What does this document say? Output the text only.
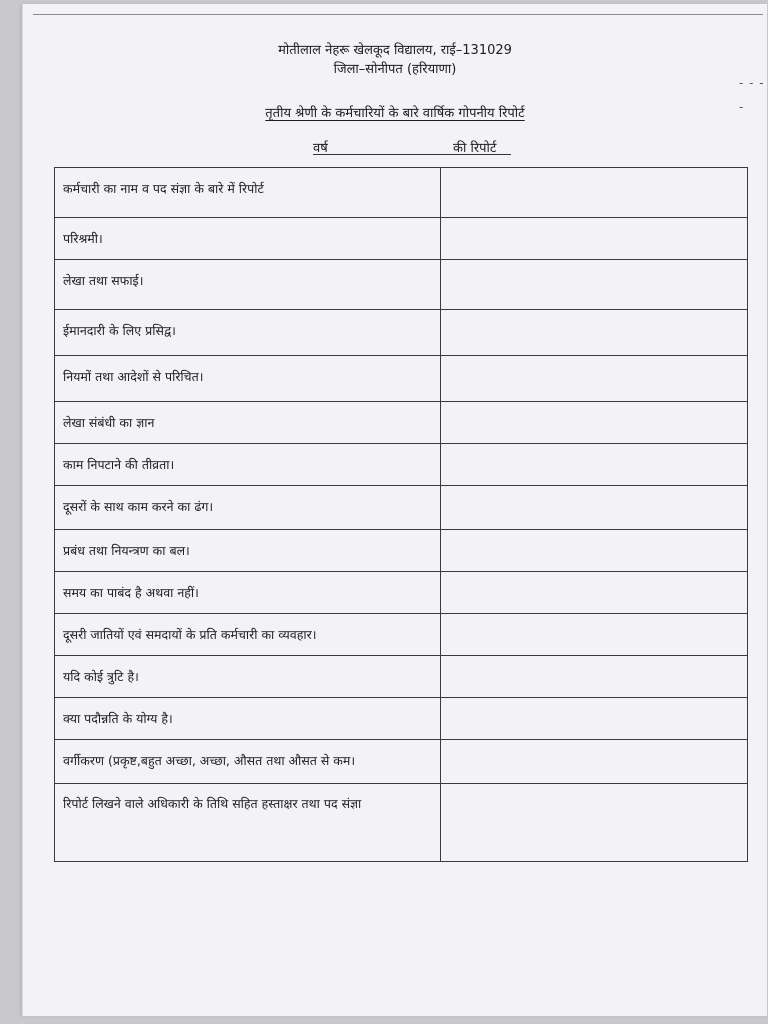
- - -
-
मोतीलाल नेहरू खेलकूद विद्यालय, राई–131029
जिला–सोनीपत (हरियाणा)
तृतीय श्रेणी के कर्मचारियों के बारे वार्षिक गोपनीय रिपोर्ट
वर्ष	की रिपोर्ट
कर्मचारी का नाम व पद संज्ञा के बारे में रिपोर्ट	
परिश्रमी।	
लेखा तथा सफाई।	
ईमानदारी के लिए प्रसिद्व।	
नियमों तथा आदेशों से परिचित।	
लेखा संबंधी का ज्ञान	
काम निपटाने की तीव्रता।	
दूसरों के साथ काम करने का ढंग।	
प्रबंध तथा नियन्त्रण का बल।	
समय का पाबंद है अथवा नहीं।	
दूसरी जातियों एवं समदायों के प्रति कर्मचारी का व्यवहार।	
यदि कोई त्रुटि है।	
क्या पदौन्नति के योग्य है।	
वर्गीकरण (प्रकृष्ट,बहुत अच्छा, अच्छा, औसत तथा औसत से कम।	
रिपोर्ट लिखने वाले अधिकारी के तिथि सहित हस्ताक्षर तथा पद संज्ञा	
